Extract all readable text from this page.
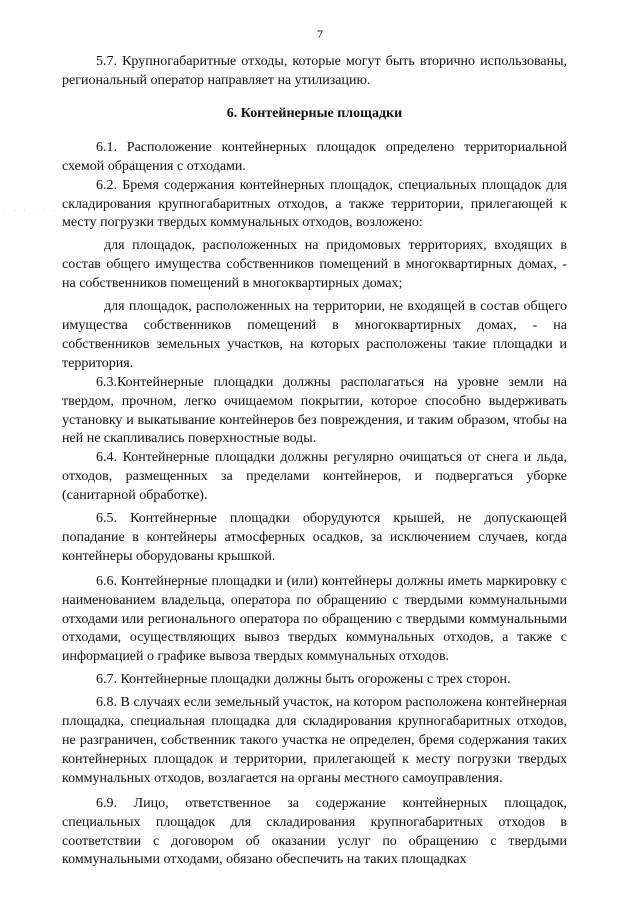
7
. . . . . . .

5.7. Крупногабаритные отходы, которые могут быть вторично использованы, региональный оператор направляет на утилизацию.

6. Контейнерные площадки

6.1. Расположение контейнерных площадок определено территориальной схемой обращения с отходами.

6.2. Бремя содержания контейнерных площадок, специальных площадок для складирования крупногабаритных отходов, а также территории, прилегающей к месту погрузки твердых коммунальных отходов, возложено:

для площадок, расположенных на придомовых территориях, входящих в состав общего имущества собственников помещений в многоквартирных домах, - на собственников помещений в многоквартирных домах;

для площадок, расположенных на территории, не входящей в состав общего имущества собственников помещений в многоквартирных домах, - на собственников земельных участков, на которых расположены такие площадки и территория.

6.3.Контейнерные площадки должны располагаться на уровне земли на твердом, прочном, легко очищаемом покрытии, которое способно выдерживать установку и выкатывание контейнеров без повреждения, и таким образом, чтобы на ней не скапливались поверхностные воды.

6.4. Контейнерные площадки должны регулярно очищаться от снега и льда, отходов, размещенных за пределами контейнеров, и подвергаться уборке (санитарной обработке).

6.5. Контейнерные площадки оборудуются крышей, не допускающей попадание в контейнеры атмосферных осадков, за исключением случаев, когда контейнеры оборудованы крышкой.

6.6. Контейнерные площадки и (или) контейнеры должны иметь маркировку с наименованием владельца, оператора по обращению с твердыми коммунальными отходами или регионального оператора по обращению с твердыми коммунальными отходами, осуществляющих вывоз твердых коммунальных отходов, а также с информацией о графике вывоза твердых коммунальных отходов.

6.7. Контейнерные площадки должны быть огорожены с трех сторон.

6.8. В случаях если земельный участок, на котором расположена контейнерная площадка, специальная площадка для складирования крупногабаритных отходов, не разграничен, собственник такого участка не определен, бремя содержания таких контейнерных площадок и территории, прилегающей к месту погрузки твердых коммунальных отходов, возлагается на органы местного самоуправления.

6.9. Лицо, ответственное за содержание контейнерных площадок, специальных площадок для складирования крупногабаритных отходов в соответствии с договором об оказании услуг по обращению с твердыми коммунальными отходами, обязано обеспечить на таких площадках
